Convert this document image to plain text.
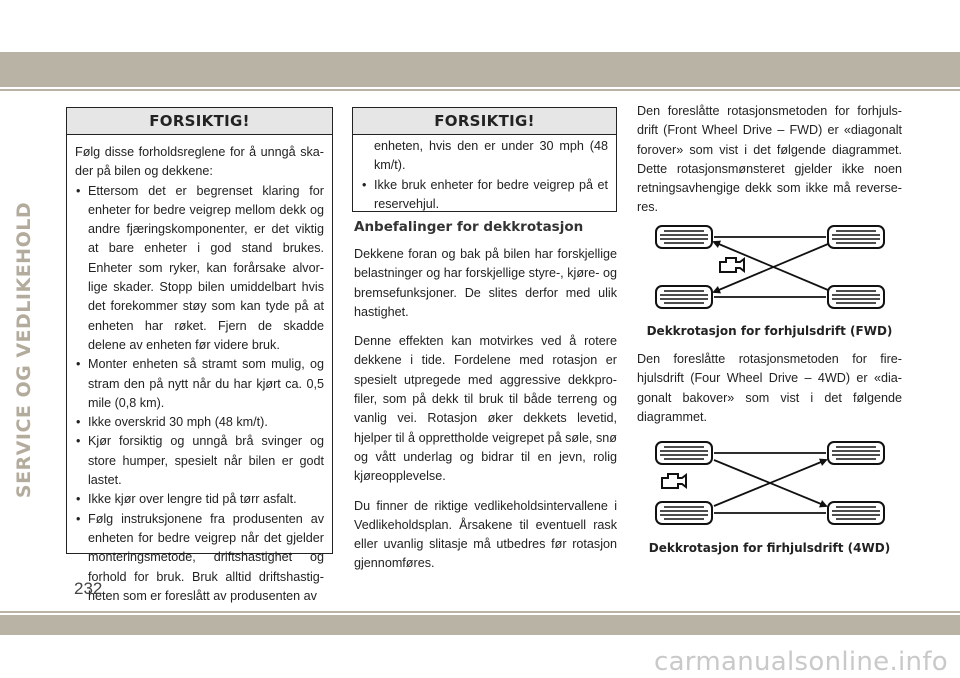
SERVICE OG VEDLIKEHOLD
FORSIKTIG!

Følg disse forholdsreglene for å unngå ska-der på bilen og dekkene:

• Ettersom det er begrenset klaring for enheter for bedre veigrep mellom dekk og andre fjæringskomponenter, er det viktig at bare enheter i god stand brukes. Enheter som ryker, kan forårsake alvor-lige skader. Stopp bilen umiddelbart hvis det forekommer støy som kan tyde på at enheten har røket. Fjern de skadde delene av enheten før videre bruk.
• Monter enheten så stramt som mulig, og stram den på nytt når du har kjørt ca. 0,5 mile (0,8 km).
• Ikke overskrid 30 mph (48 km/t).
• Kjør forsiktig og unngå brå svinger og store humper, spesielt når bilen er godt lastet.
• Ikke kjør over lengre tid på tørr asfalt.
• Følg instruksjonene fra produsenten av enheten for bedre veigrep når det gjelder monteringsmetode, driftshastighet og forhold for bruk. Bruk alltid driftshastig-heten som er foreslått av produsenten av
FORSIKTIG!

enheten, hvis den er under 30 mph (48 km/t).

• Ikke bruk enheter for bedre veigrep på et reservehjul.
Anbefalinger for dekkrotasjon

Dekkene foran og bak på bilen har forskjellige belastninger og har forskjellige styre-, kjøre- og bremsefunksjoner. De slites derfor med ulik hastighet.

Denne effekten kan motvirkes ved å rotere dekkene i tide. Fordelene med rotasjon er spesielt utpregede med aggressive dekkpro-filer, som på dekk til bruk til både terreng og vanlig vei. Rotasjon øker dekkets levetid, hjelper til å opprettholde veigrepet på søle, snø og vått underlag og bidrar til en jevn, rolig kjøreopplevelse.

Du finner de riktige vedlikeholdsintervallene i Vedlikeholdsplan. Årsakene til eventuell rask eller uvanlig slitasje må utbedres før rotasjon gjennomføres.

Den foreslåtte rotasjonsmetoden for forhjuls-drift (Front Wheel Drive – FWD) er «diagonalt forover» som vist i det følgende diagrammet. Dette rotasjonsmønsteret gjelder ikke noen retningsavhengige dekk som ikke må reverse-res.

Dekkrotasjon for forhjulsdrift (FWD)

Den foreslåtte rotasjonsmetoden for fire-hjulsdrift (Four Wheel Drive – 4WD) er «dia-gonalt bakover» som vist i det følgende diagrammet.

Dekkrotasjon for firhjulsdrift (4WD)
232
carmanualsonline.info
